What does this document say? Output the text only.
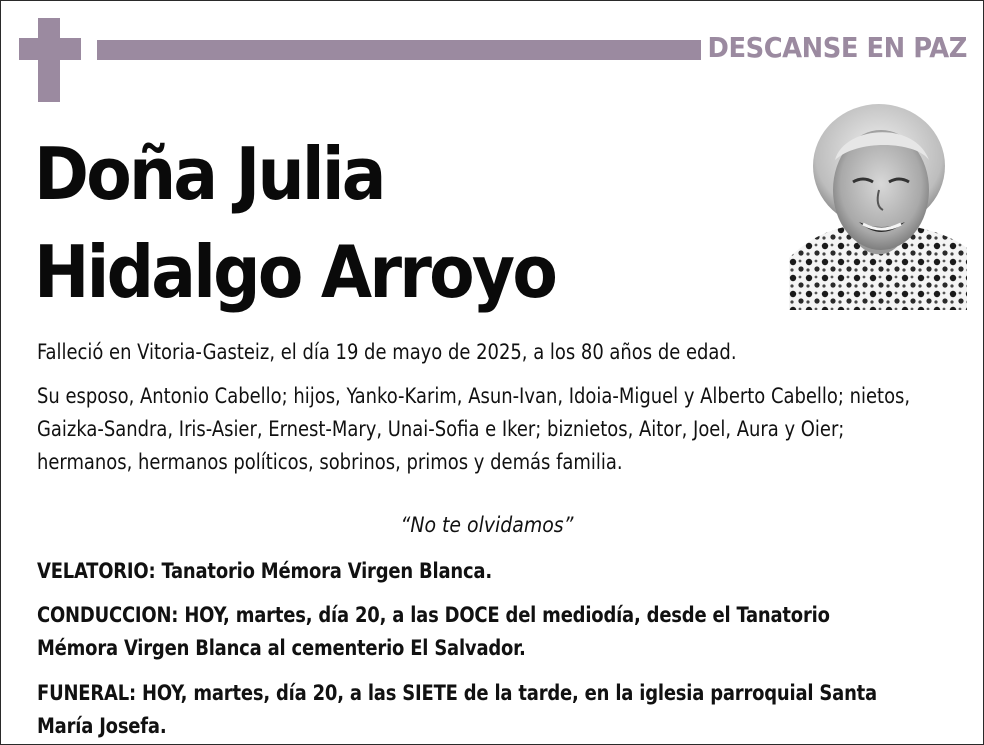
DESCANSE EN PAZ
Doña Julia
Hidalgo Arroyo
Falleció en Vitoria-Gasteiz, el día 19 de mayo de 2025, a los 80 años de edad.
Su esposo, Antonio Cabello; hijos, Yanko-Karim, Asun-Ivan, Idoia-Miguel y Alberto Cabello; nietos, Gaizka-Sandra, Iris-Asier, Ernest-Mary, Unai-Sofia e Iker; biznietos, Aitor, Joel, Aura y Oier; hermanos, hermanos políticos, sobrinos, primos y demás familia.
“No te olvidamos”
VELATORIO: Tanatorio Mémora Virgen Blanca.
CONDUCCION: HOY, martes, día 20, a las DOCE del mediodía, desde el Tanatorio Mémora Virgen Blanca al cementerio El Salvador.
FUNERAL: HOY, martes, día 20, a las SIETE de la tarde, en la iglesia parroquial Santa María Josefa.
